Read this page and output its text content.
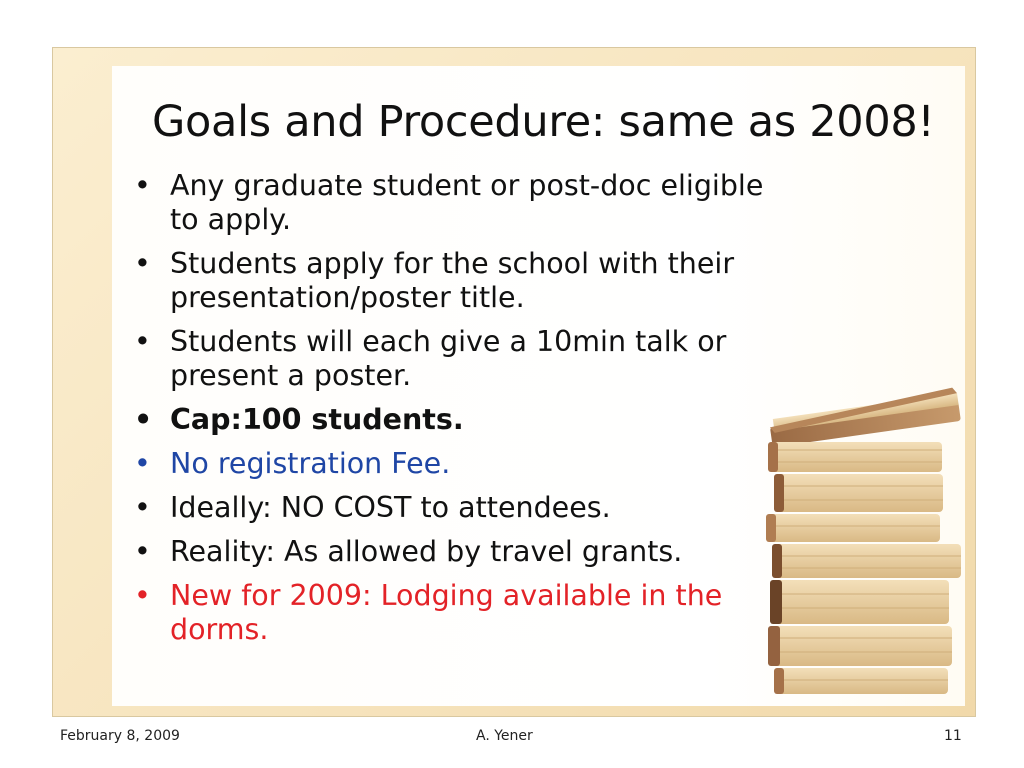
Goals and Procedure: same as 2008!
• Any graduate student or post-doc eligible to apply.
• Students apply for the school with their presentation/poster title.
• Students will each give a 10min talk or present a poster.
• Cap:100 students.
• No registration Fee.
• Ideally: NO COST to attendees.
• Reality: As allowed by travel grants.
• New for 2009: Lodging available in the dorms.
February 8, 2009	A. Yener	11
